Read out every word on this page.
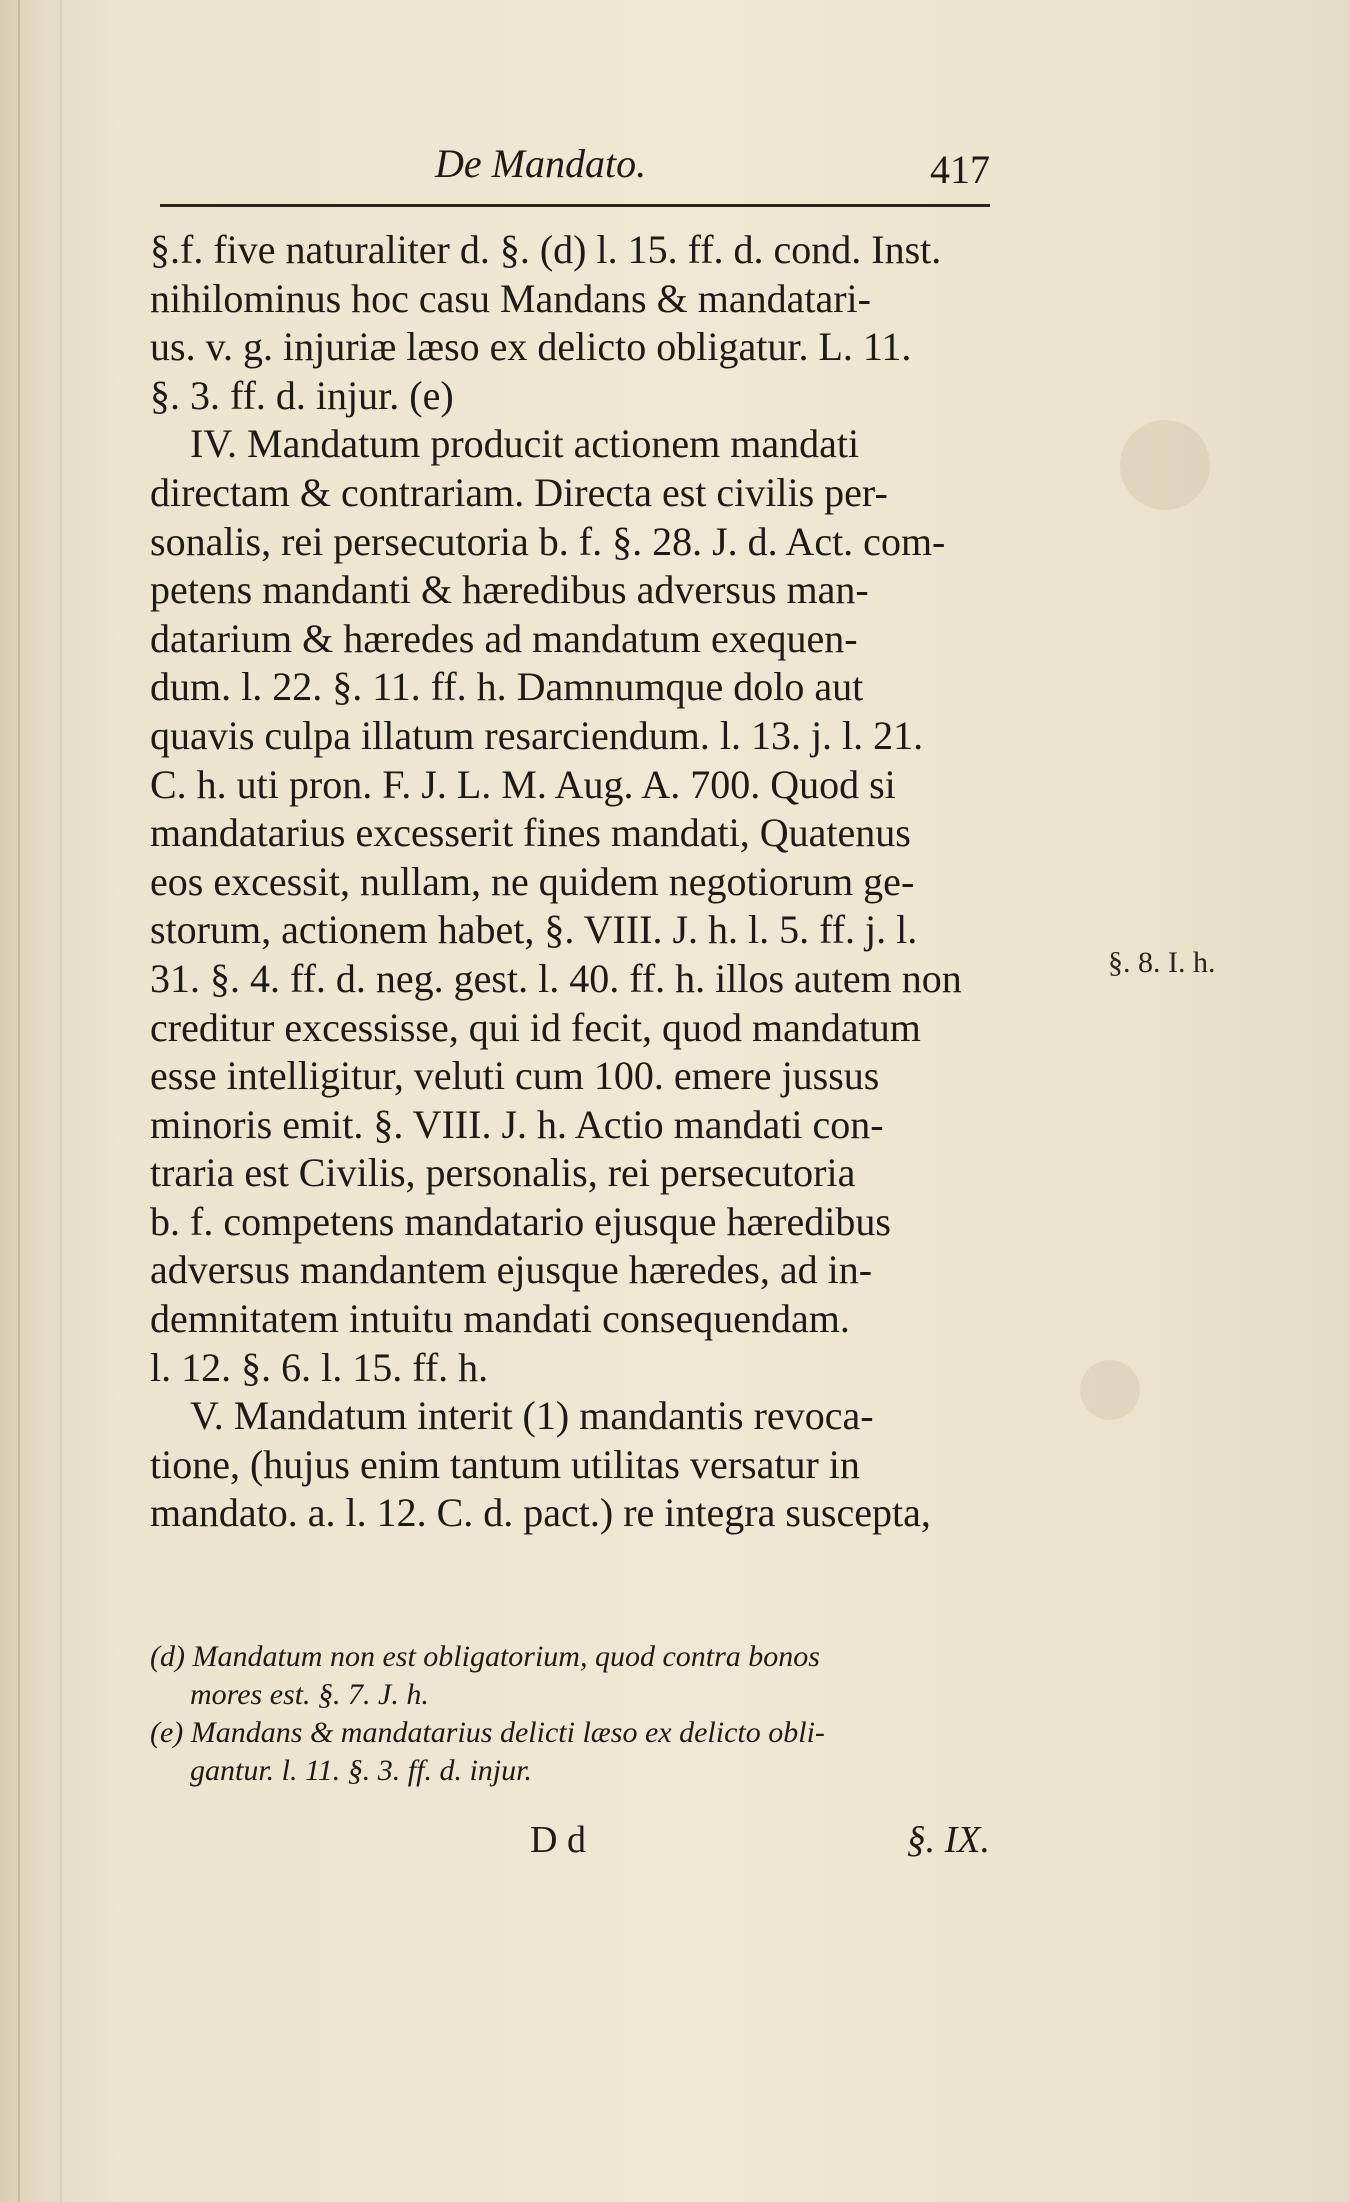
De Mandato.	417
§.f. five naturaliter d. §. (d) l. 15. ff. d. cond. Inst.
nihilominus hoc casu Mandans & mandatari-
us. v. g. injuriæ læso ex delicto obligatur. L. 11.
§. 3. ff. d. injur. (e)
IV. Mandatum producit actionem mandati
directam & contrariam. Directa est civilis per-
sonalis, rei persecutoria b. f. §. 28. J. d. Act. com-
petens mandanti & hæredibus adversus man-
datarium & hæredes ad mandatum exequen-
dum. l. 22. §. 11. ff. h. Damnumque dolo aut
quavis culpa illatum resarciendum. l. 13. j. l. 21.
C. h. uti pron. F. J. L. M. Aug. A. 700. Quod si
mandatarius excesserit fines mandati, Quatenus
eos excessit, nullam, ne quidem negotiorum ge-
storum, actionem habet, §. VIII. J. h. l. 5. ff. j. l.
31. §. 4. ff. d. neg. gest. l. 40. ff. h. illos autem non
creditur excessisse, qui id fecit, quod mandatum
esse intelligitur, veluti cum 100. emere jussus
minoris emit. §. VIII. J. h. Actio mandati con-
traria est Civilis, personalis, rei persecutoria
b. f. competens mandatario ejusque hæredibus
adversus mandantem ejusque hæredes, ad in-
demnitatem intuitu mandati consequendam.
l. 12. §. 6. l. 15. ff. h.
V. Mandatum interit (1) mandantis revoca-
tione, (hujus enim tantum utilitas versatur in
mandato. a. l. 12. C. d. pact.) re integra suscepta,
§. 8. I. h.
(d) Mandatum non est obligatorium, quod contra bonos
mores est. §. 7. J. h.
(e) Mandans & mandatarius delicti læso ex delicto obli-
gantur. l. 11. §. 3. ff. d. injur.
D d	§. IX.
